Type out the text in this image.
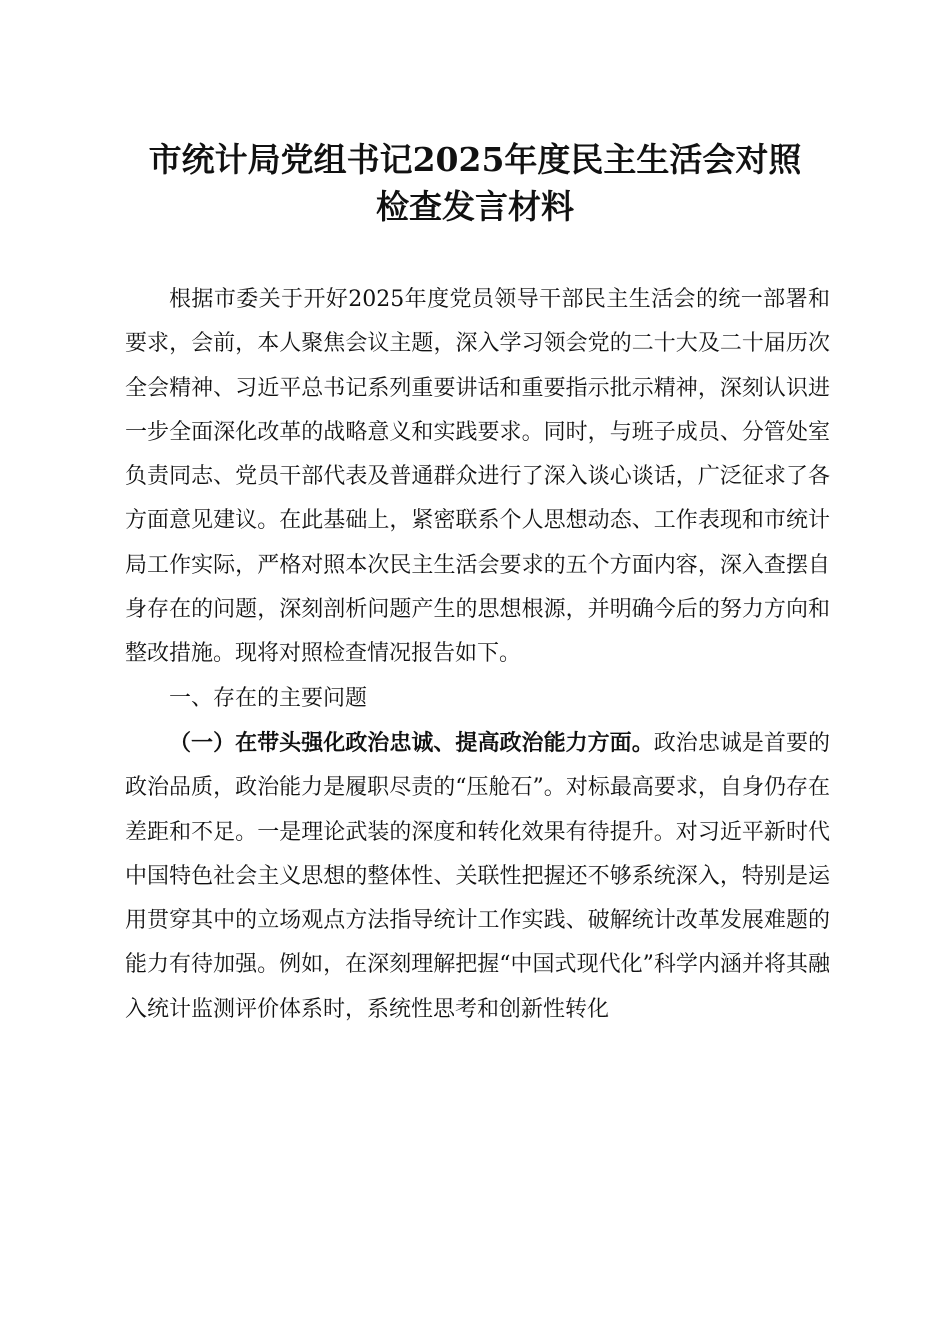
市统计局党组书记2025年度民主生活会对照
检查发言材料

根据市委关于开好2025年度党员领导干部民主生活会的统一部署和要求，会前，本人聚焦会议主题，深入学习领会党的二十大及二十届历次全会精神、习近平总书记系列重要讲话和重要指示批示精神，深刻认识进一步全面深化改革的战略意义和实践要求。同时，与班子成员、分管处室负责同志、党员干部代表及普通群众进行了深入谈心谈话，广泛征求了各方面意见建议。在此基础上，紧密联系个人思想动态、工作表现和市统计局工作实际，严格对照本次民主生活会要求的五个方面内容，深入查摆自身存在的问题，深刻剖析问题产生的思想根源，并明确今后的努力方向和整改措施。现将对照检查情况报告如下。

一、存在的主要问题

（一）在带头强化政治忠诚、提高政治能力方面。政治忠诚是首要的政治品质，政治能力是履职尽责的“压舱石”。对标最高要求，自身仍存在差距和不足。一是理论武装的深度和转化效果有待提升。对习近平新时代中国特色社会主义思想的整体性、关联性把握还不够系统深入，特别是运用贯穿其中的立场观点方法指导统计工作实践、破解统计改革发展难题的能力有待加强。例如，在深刻理解把握“中国式现代化”科学内涵并将其融入统计监测评价体系时，系统性思考和创新性转化
